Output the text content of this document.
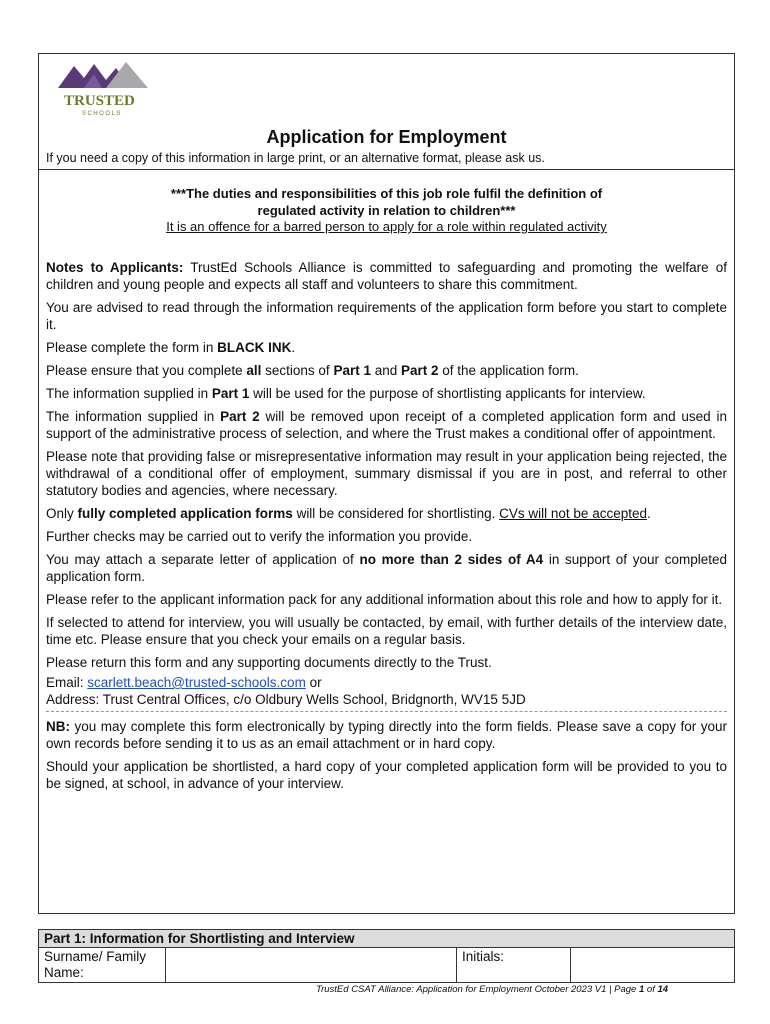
TRUSTED
SCHOOLS
Application for Employment
If you need a copy of this information in large print, or an alternative format, please ask us.
***The duties and responsibilities of this job role fulfil the definition of
regulated activity in relation to children***
It is an offence for a barred person to apply for a role within regulated activity

Notes to Applicants: TrustEd Schools Alliance is committed to safeguarding and promoting the welfare of children and young people and expects all staff and volunteers to share this commitment.

You are advised to read through the information requirements of the application form before you start to complete it.

Please complete the form in BLACK INK.

Please ensure that you complete all sections of Part 1 and Part 2 of the application form.

The information supplied in Part 1 will be used for the purpose of shortlisting applicants for interview.

The information supplied in Part 2 will be removed upon receipt of a completed application form and used in support of the administrative process of selection, and where the Trust makes a conditional offer of appointment.

Please note that providing false or misrepresentative information may result in your application being rejected, the withdrawal of a conditional offer of employment, summary dismissal if you are in post, and referral to other statutory bodies and agencies, where necessary.

Only fully completed application forms will be considered for shortlisting. CVs will not be accepted.

Further checks may be carried out to verify the information you provide.

You may attach a separate letter of application of no more than 2 sides of A4 in support of your completed application form.

Please refer to the applicant information pack for any additional information about this role and how to apply for it.

If selected to attend for interview, you will usually be contacted, by email, with further details of the interview date, time etc. Please ensure that you check your emails on a regular basis.

Please return this form and any supporting documents directly to the Trust.

Email: scarlett.beach@trusted-schools.com or
Address: Trust Central Offices, c/o Oldbury Wells School, Bridgnorth, WV15 5JD

NB: you may complete this form electronically by typing directly into the form fields. Please save a copy for your own records before sending it to us as an email attachment or in hard copy.

Should your application be shortlisted, a hard copy of your completed application form will be provided to you to be signed, at school, in advance of your interview.

Part 1: Information for Shortlisting and Interview
Surname/ Family Name:		Initials:	
TrustEd CSAT Alliance: Application for Employment October 2023 V1 | Page 1 of 14
